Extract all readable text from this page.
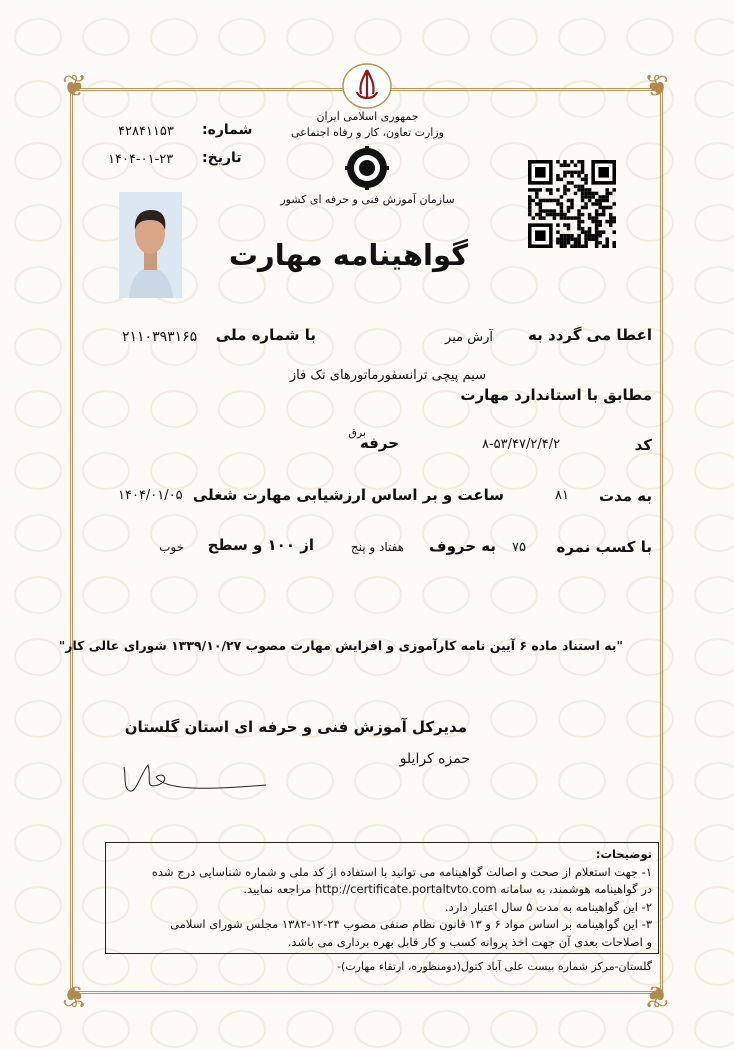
❦	❦
❦	❦
جمهوری اسلامی ایران
وزارت تعاون، کار و رفاه اجتماعی
سازمان آموزش فنی و حرفه ای کشور
شماره:
۴۲۸۴۱۱۵۳
تاریخ:
۱۴۰۴-۰۱-۲۳
گواهینامه مهارت
اعطا می گردد به
آرش میر
با شماره ملی
۲۱۱۰۳۹۳۱۶۵
سیم پیچی ترانسفورماتورهای تک فاز
مطابق با استاندارد مهارت
کد
۸-۵۳/۴۷/۲/۴/۲
حرفه
برق
به مدت
۸۱
ساعت و بر اساس ارزشیابی مهارت شغلی
۱۴۰۴/۰۱/۰۵
با کسب نمره
۷۵
به حروف
هفتاد و پنج
از ۱۰۰ و سطح
خوب
"به استناد ماده ۶ آیین نامه کارآموزی و افزایش مهارت مصوب ۱۳۳۹/۱۰/۲۷ شورای عالی کار"
مدیرکل آموزش فنی و حرفه ای استان گلستان
حمزه کرایلو
توضیحات:
۱- جهت استعلام از صحت و اصالت گواهینامه می توانید با استفاده از کد ملی و شماره شناسایی درج شده
در گواهینامه هوشمند، به سامانه http://certificate.portaltvto.com مراجعه نمایید.
۲- این گواهینامه به مدت ۵ سال اعتبار دارد.
۳- این گواهینامه بر اساس مواد ۶ و ۱۳ قانون نظام صنفی مصوب ۲۴-۱۲-۱۳۸۲ مجلس شورای اسلامی
و اصلاحات بعدی آن جهت اخذ پروانه کسب و کار قابل بهره برداری می باشد.
گلستان-مرکز شماره بیست علی آباد کتول(دومنظوره، ارتقاء مهارت)-
